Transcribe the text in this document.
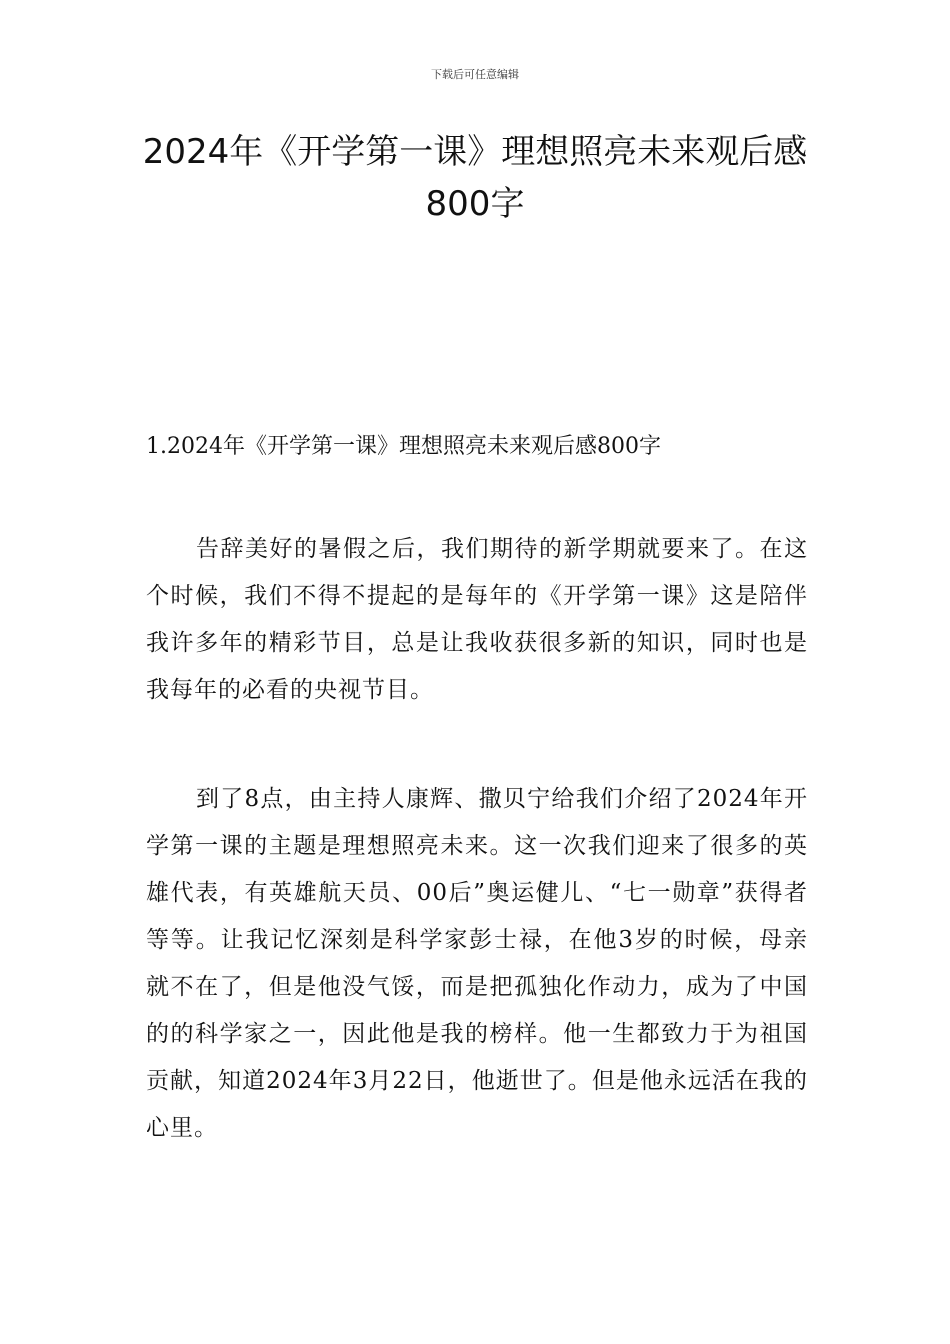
下载后可任意编辑
2024年《开学第一课》理想照亮未来观后感800字

1.2024年《开学第一课》理想照亮未来观后感800字

告辞美好的暑假之后，我们期待的新学期就要来了。在这个时候，我们不得不提起的是每年的《开学第一课》这是陪伴我许多年的精彩节目，总是让我收获很多新的知识，同时也是我每年的必看的央视节目。

到了8点，由主持人康辉、撒贝宁给我们介绍了2024年开学第一课的主题是理想照亮未来。这一次我们迎来了很多的英雄代表，有英雄航天员、00后”奥运健儿、“七一勋章”获得者等等。让我记忆深刻是科学家彭士禄，在他3岁的时候，母亲就不在了，但是他没气馁，而是把孤独化作动力，成为了中国的的科学家之一，因此他是我的榜样。他一生都致力于为祖国贡献，知道2024年3月22日，他逝世了。但是他永远活在我的心里。
